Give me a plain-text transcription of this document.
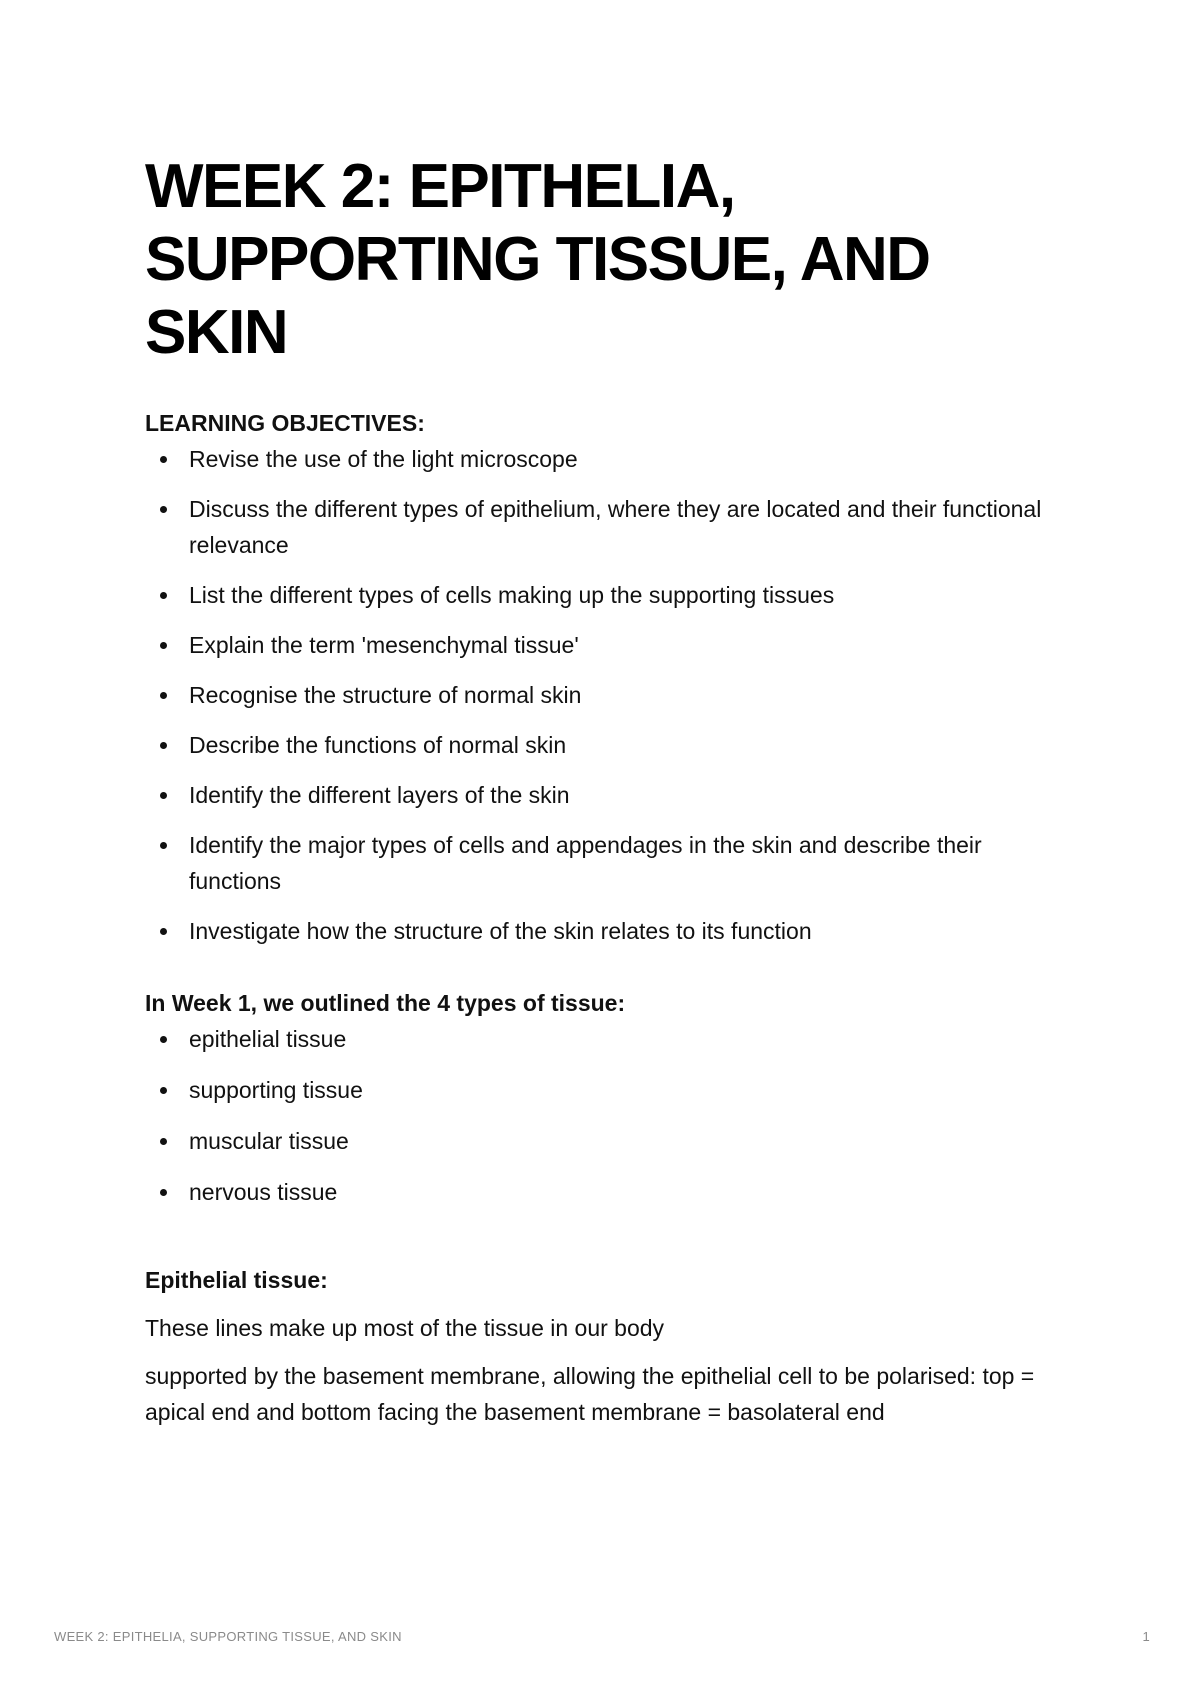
WEEK 2: EPITHELIA, SUPPORTING TISSUE, AND SKIN

LEARNING OBJECTIVES:

Revise the use of the light microscope
Discuss the different types of epithelium, where they are located and their functional relevance
List the different types of cells making up the supporting tissues
Explain the term 'mesenchymal tissue'
Recognise the structure of normal skin
Describe the functions of normal skin
Identify the different layers of the skin
Identify the major types of cells and appendages in the skin and describe their functions
Investigate how the structure of the skin relates to its function

In Week 1, we outlined the 4 types of tissue:

epithelial tissue
supporting tissue
muscular tissue
nervous tissue

Epithelial tissue:

These lines make up most of the tissue in our body

supported by the basement membrane, allowing the epithelial cell to be polarised: top = apical end and bottom facing the basement membrane = basolateral end

WEEK 2: EPITHELIA, SUPPORTING TISSUE, AND SKIN	1
